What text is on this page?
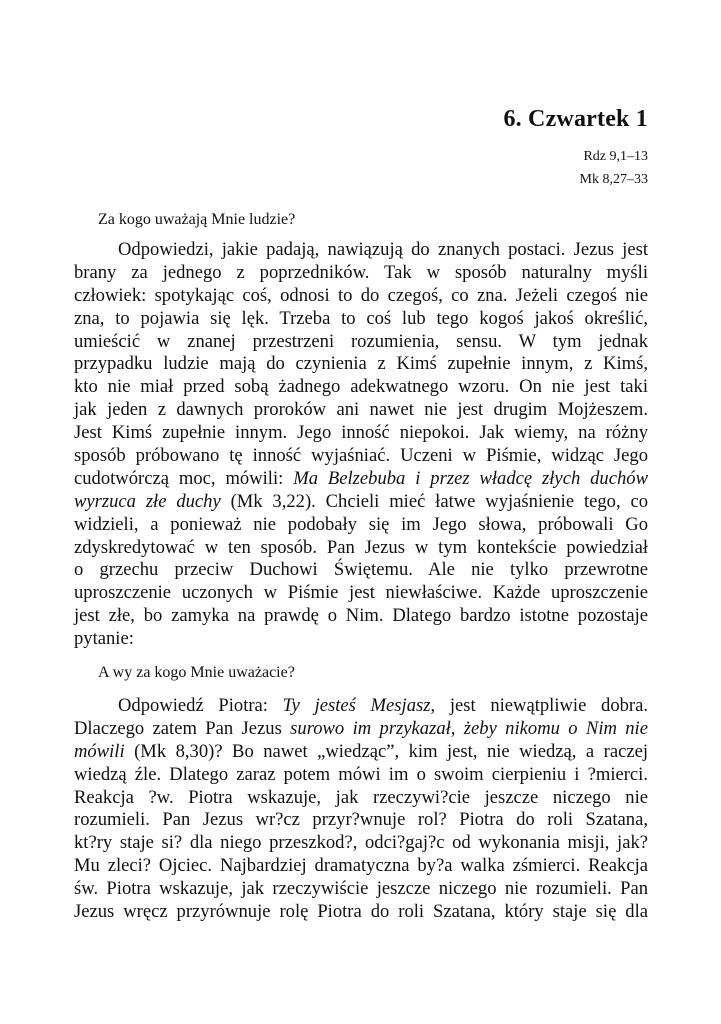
6. Czwartek 1
Rdz 9,1–13
Mk 8,27–33
Za kogo uważają Mnie ludzie?
Odpowiedzi, jakie padają, nawiązują do znanych postaci. Jezus jest
brany za jednego z poprzedników. Tak w sposób naturalny myśli
człowiek: spotykając coś, odnosi to do czegoś, co zna. Jeżeli czegoś nie
zna, to pojawia się lęk. Trzeba to coś lub tego kogoś jakoś określić,
umieścić w znanej przestrzeni rozumienia, sensu. W tym jednak
przypadku ludzie mają do czynienia z Kimś zupełnie innym, z Kimś,
kto nie miał przed sobą żadnego adekwatnego wzoru. On nie jest taki
jak jeden z dawnych proroków ani nawet nie jest drugim Mojżeszem.
Jest Kimś zupełnie innym. Jego inność niepokoi. Jak wiemy, na różny
sposób próbowano tę inność wyjaśniać. Uczeni w Piśmie, widząc Jego
cudotwórczą moc, mówili: Ma Belzebuba i przez władcę złych duchów
wyrzuca złe duchy (Mk 3,22). Chcieli mieć łatwe wyjaśnienie tego, co
widzieli, a ponieważ nie podobały się im Jego słowa, próbowali Go
zdyskredytować w ten sposób. Pan Jezus w tym kontekście powiedział
o grzechu przeciw Duchowi Świętemu. Ale nie tylko przewrotne
uproszczenie uczonych w Piśmie jest niewłaściwe. Każde uproszczenie
jest złe, bo zamyka na prawdę o Nim. Dlatego bardzo istotne pozostaje
pytanie:
A wy za kogo Mnie uważacie?
Odpowiedź Piotra: Ty jesteś Mesjasz, jest niewątpliwie dobra.
Dlaczego zatem Pan Jezus surowo im przykazał, żeby nikomu o Nim nie
mówili (Mk 8,30)? Bo nawet „wiedząc”, kim jest, nie wiedzą, a raczej
wiedzą źle. Dlatego zaraz potem mówi im o swoim cierpieniu i ?mierci.
Reakcja ?w. Piotra wskazuje, jak rzeczywi?cie jeszcze niczego nie
rozumieli. Pan Jezus wr?cz przyr?wnuje rol? Piotra do roli Szatana,
kt?ry staje si? dla niego przeszkod?, odci?gaj?c od wykonania misji, jak?
Mu zleci? Ojciec. Najbardziej dramatyczna by?a walka zśmierci. Reakcja
św. Piotra wskazuje, jak rzeczywiście jeszcze niczego nie rozumieli. Pan
Jezus wręcz przyrównuje rolę Piotra do roli Szatana, który staje się dla
